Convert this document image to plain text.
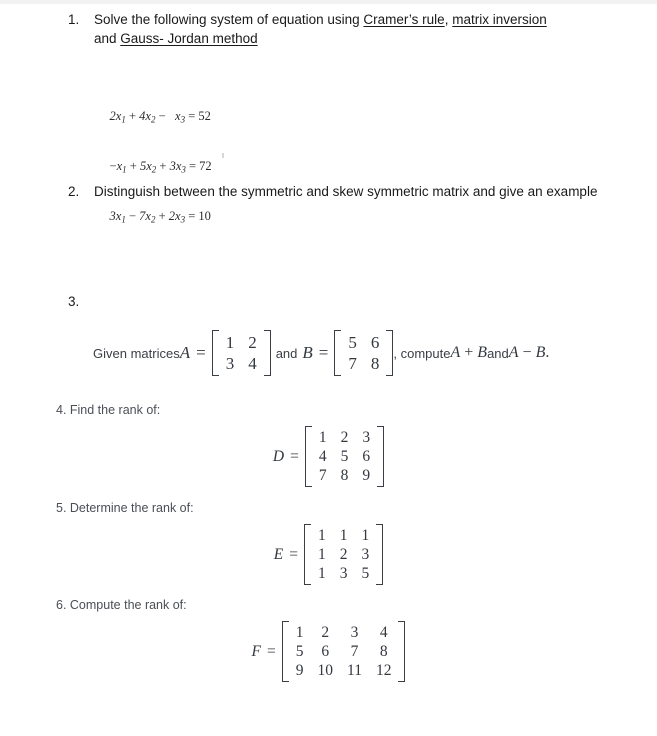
1.	Solve the following system of equation using Cramer’s rule, matrix inversion
and Gauss- Jordan method

$2x_1 + 4x_2 - x_3 = 52$

$-x_1 + 5x_2 + 3x_3 = 72$

$3x_1 - 7x_2 + 2x_3 = 10$

2.	Distinguish between the symmetric and skew symmetric matrix and give an example
3.
Given matrices A =
1	2
3	4
and B =
5	6
7	8
, compute A + B and A − B .
4. Find the rank of:
D =
1	2	3
4	5	6
7	8	9
5. Determine the rank of:
E =
1	1	1
1	2	3
1	3	5
6. Compute the rank of:
F =
1	2	3	4
5	6	7	8
9	10	11	12
